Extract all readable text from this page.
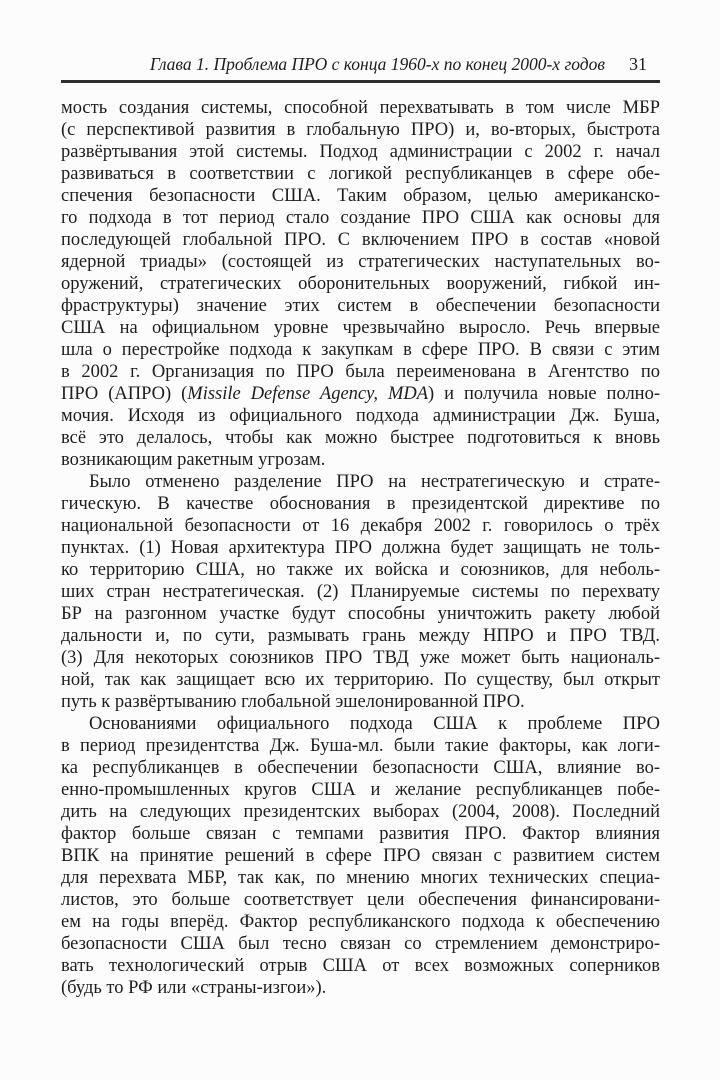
Глава 1. Проблема ПРО с конца 1960-х по конец 2000-х годов 31
мость создания системы, способной перехватывать в том числе МБР
(с перспективой развития в глобальную ПРО) и, во-вторых, быстрота
развёртывания этой системы. Подход администрации с 2002 г. начал
развиваться в соответствии с логикой республиканцев в сфере обе-
спечения безопасности США. Таким образом, целью американско-
го подхода в тот период стало создание ПРО США как основы для
последующей глобальной ПРО. С включением ПРО в состав «новой
ядерной триады» (состоящей из стратегических наступательных во-
оружений, стратегических оборонительных вооружений, гибкой ин-
фраструктуры) значение этих систем в обеспечении безопасности
США на официальном уровне чрезвычайно выросло. Речь впервые
шла о перестройке подхода к закупкам в сфере ПРО. В связи с этим
в 2002 г. Организация по ПРО была переименована в Агентство по
ПРО (АПРО) (Missile Defense Agency, MDA) и получила новые полно-
мочия. Исходя из официального подхода администрации Дж. Буша,
всё это делалось, чтобы как можно быстрее подготовиться к вновь
возникающим ракетным угрозам.
Было отменено разделение ПРО на нестратегическую и страте-
гическую. В качестве обоснования в президентской директиве по
национальной безопасности от 16 декабря 2002 г. говорилось о трёх
пунктах. (1) Новая архитектура ПРО должна будет защищать не толь-
ко территорию США, но также их войска и союзников, для неболь-
ших стран нестратегическая. (2) Планируемые системы по перехвату
БР на разгонном участке будут способны уничтожить ракету любой
дальности и, по сути, размывать грань между НПРО и ПРО ТВД.
(3) Для некоторых союзников ПРО ТВД уже может быть националь-
ной, так как защищает всю их территорию. По существу, был открыт
путь к развёртыванию глобальной эшелонированной ПРО.
Основаниями официального подхода США к проблеме ПРО
в период президентства Дж. Буша-мл. были такие факторы, как логи-
ка республиканцев в обеспечении безопасности США, влияние во-
енно-промышленных кругов США и желание республиканцев побе-
дить на следующих президентских выборах (2004, 2008). Последний
фактор больше связан с темпами развития ПРО. Фактор влияния
ВПК на принятие решений в сфере ПРО связан с развитием систем
для перехвата МБР, так как, по мнению многих технических специа-
листов, это больше соответствует цели обеспечения финансировани-
ем на годы вперёд. Фактор республиканского подхода к обеспечению
безопасности США был тесно связан со стремлением демонстриро-
вать технологический отрыв США от всех возможных соперников
(будь то РФ или «страны-изгои»).
